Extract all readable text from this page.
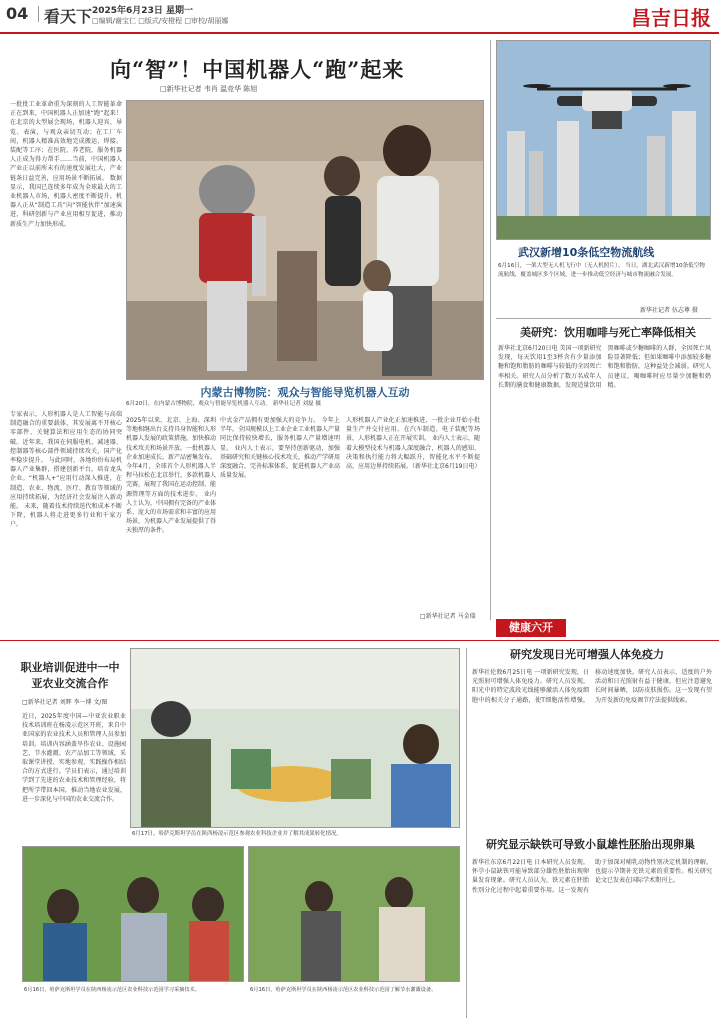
04 看天下 2025年6月23日 星期一
□编辑/谢宝仁 □版式/安橙程 □审校/胡丽娜	昌吉日报
向“智”！中国机器人“跑”起来
□新华社记者 韦肖 温竞华 陈旭
一批批工业革命重为深刻的人工智能革命正在到来，中国机器人正加速“跑”起来！ 在北京的大型展会现场，机器人迎宾、导览、表演，与观众亲切互动；在工厂车间，机器人精准高效地完成搬运、焊接、装配等工序；在医院、养老院，服务机器人正成为得力帮手……当前，中国机器人产业正以前所未有的速度发展壮大，产业链条日益完善，应用场景不断拓展。 数据显示，我国已连续多年成为全球最大的工业机器人市场，机器人密度不断提升。机器人正从“制造工具”向“智能伙伴”加速演进，科研创新与产业应用相互促进，推动新质生产力加快形成。
内蒙古博物院：观众与智能导览机器人互动
6月20日，在内蒙古博物院，观众与智能导览机器人互动。 新华社记者 刘磊 摄
专家表示，人形机器人是人工智能与高端制造融合的重要载体，其发展离不开核心零部件、关键算法和应用生态的协同突破。近年来，我国在伺服电机、减速器、控制器等核心部件领域持续攻关，国产化率稳步提升。 与此同时，各地纷纷布局机器人产业集群，搭建创新平台，培育龙头企业。“机器人+”应用行动深入推进，在制造、农业、物流、医疗、教育等领域的应用持续拓展，为经济社会发展注入新动能。 未来，随着技术持续迭代和成本不断下降，机器人将走进更多行业和千家万户。
2025年以来，北京、上海、深圳等地相继出台支持具身智能和人形机器人发展的政策措施，加快推动技术攻关和场景开放。一批机器人企业加速成长，新产品密集发布。 今年4月，全球首个人形机器人半程马拉松在北京举行，多款机器人完赛，展现了我国在运动控制、能源管理等方面的技术进步。 业内人士认为，中国拥有完备的产业体系、庞大的市场需求和丰富的应用场景，为机器人产业发展提供了得天独厚的条件。
中式金产品拥有更加强大的竞争力。 今年上半年，全国规模以上工业企业工业机器人产量同比保持较快增长，服务机器人产量增速明显。 业内人士表示，要坚持创新驱动，加强基础研究和关键核心技术攻关，推动产学研用深度融合，完善标准体系，促进机器人产业高质量发展。
人形机器人产业化正加速推进，一批企业开始小批量生产并交付应用。在汽车制造、电子装配等场景，人形机器人正在开展实训。 业内人士表示，随着大模型技术与机器人深度融合，机器人的感知、决策和执行能力将大幅跃升，智能化水平不断提高，应用边界持续拓展。（新华社北京6月19日电）
□新华社记者 马金瑞
武汉新增10条低空物流航线
6月16日，一架大型无人机飞行中（无人机照片）。 当日，湖北武汉新增10条低空物流航线，覆盖城区多个区域，进一步推动低空经济与城市物流融合发展。
新华社记者 伍志尊 摄
美研究：饮用咖啡与死亡率降低相关
新华社北京6月20日电 美国一项新研究发现，每天饮用1至3杯含有少量添加糖和饱和脂肪的咖啡与较低的全因死亡率相关。研究人员分析了数万名成年人长期的膳食和健康数据，发现适量饮用黑咖啡或少糖咖啡的人群，全因死亡风险显著降低；但如果咖啡中添加较多糖和饱和脂肪，这种益处会减弱。研究人员建议，喝咖啡时应尽量少加糖和奶精。
健康六开
职业培训促进中一中亚农业交流合作
□新华社记者 刘辉 李一博 文/图
近日，2025年度中国—中亚农业职业技术培训班在杨凌示范区开班，来自中亚国家的农业技术人员和管理人员参加培训。培训内容涵盖旱作农业、设施园艺、节水灌溉、农产品加工等领域，采取课堂讲授、实地参观、实践操作相结合的方式进行。学员们表示，通过培训学到了先进的农业技术和管理经验，将把所学带回本国，推动当地农业发展，进一步深化与中国的农业交流合作。
6月17日，哈萨克斯坦学员在陕西杨凌示范区参观农业科技企业并了解其成果转化情况。
6月16日，哈萨克斯坦学员在陕西杨凌示范区农业科技示范园学习采摘技术。	6月16日，哈萨克斯坦学员在陕西杨凌示范区农业科技示范园了解节水灌溉设备。
研究发现日光可增强人体免疫力
新华社伦敦6月25日电 一项新研究发现，日光照射可增强人体免疫力。研究人员发现，阳光中的特定波段光线能够激活人体免疫细胞中的相关分子通路，使T细胞活性增强，移动速度加快。研究人员表示，适度的户外活动和日光照射有益于健康，但应注意避免长时间暴晒，以防皮肤损伤。这一发现有望为开发新的免疫调节疗法提供线索。
研究显示缺铁可导致小鼠雄性胚胎出现卵巢
新华社东京6月22日电 日本研究人员发现，怀孕小鼠缺铁可能导致部分雄性胚胎出现卵巢发育现象。研究人员认为，铁元素在胚胎性别分化过程中起着重要作用。这一发现有助于加深对哺乳动物性别决定机制的理解，也提示孕期补充铁元素的重要性。相关研究论文已发表在国际学术期刊上。
